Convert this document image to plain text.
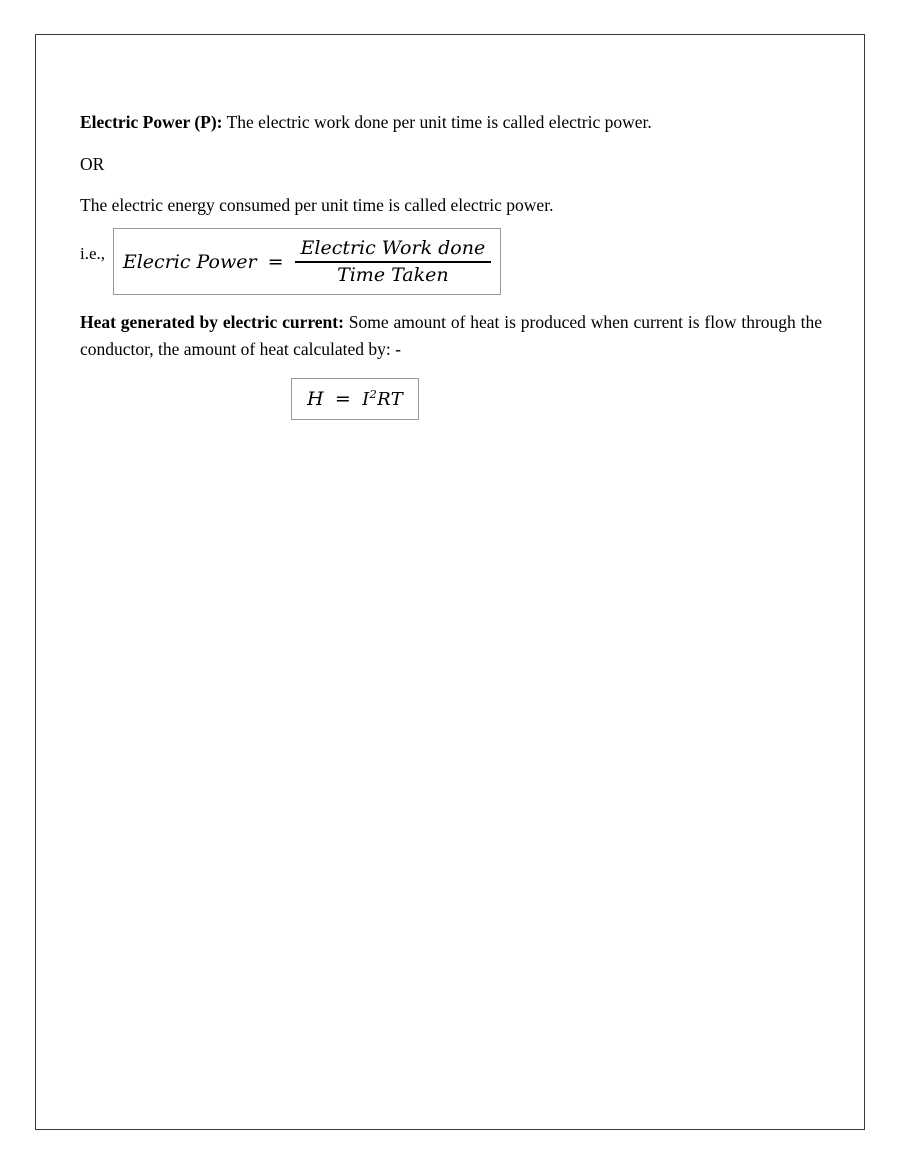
Electric Power (P): The electric work done per unit time is called electric power.

OR

The electric energy consumed per unit time is called electric power.

i.e., Elecric Power = $\frac{\text{Electric Work done}}{\text{Time Taken}}$

Heat generated by electric current: Some amount of heat is produced when current is flow through the conductor, the amount of heat calculated by: -

$H = I^2RT$
